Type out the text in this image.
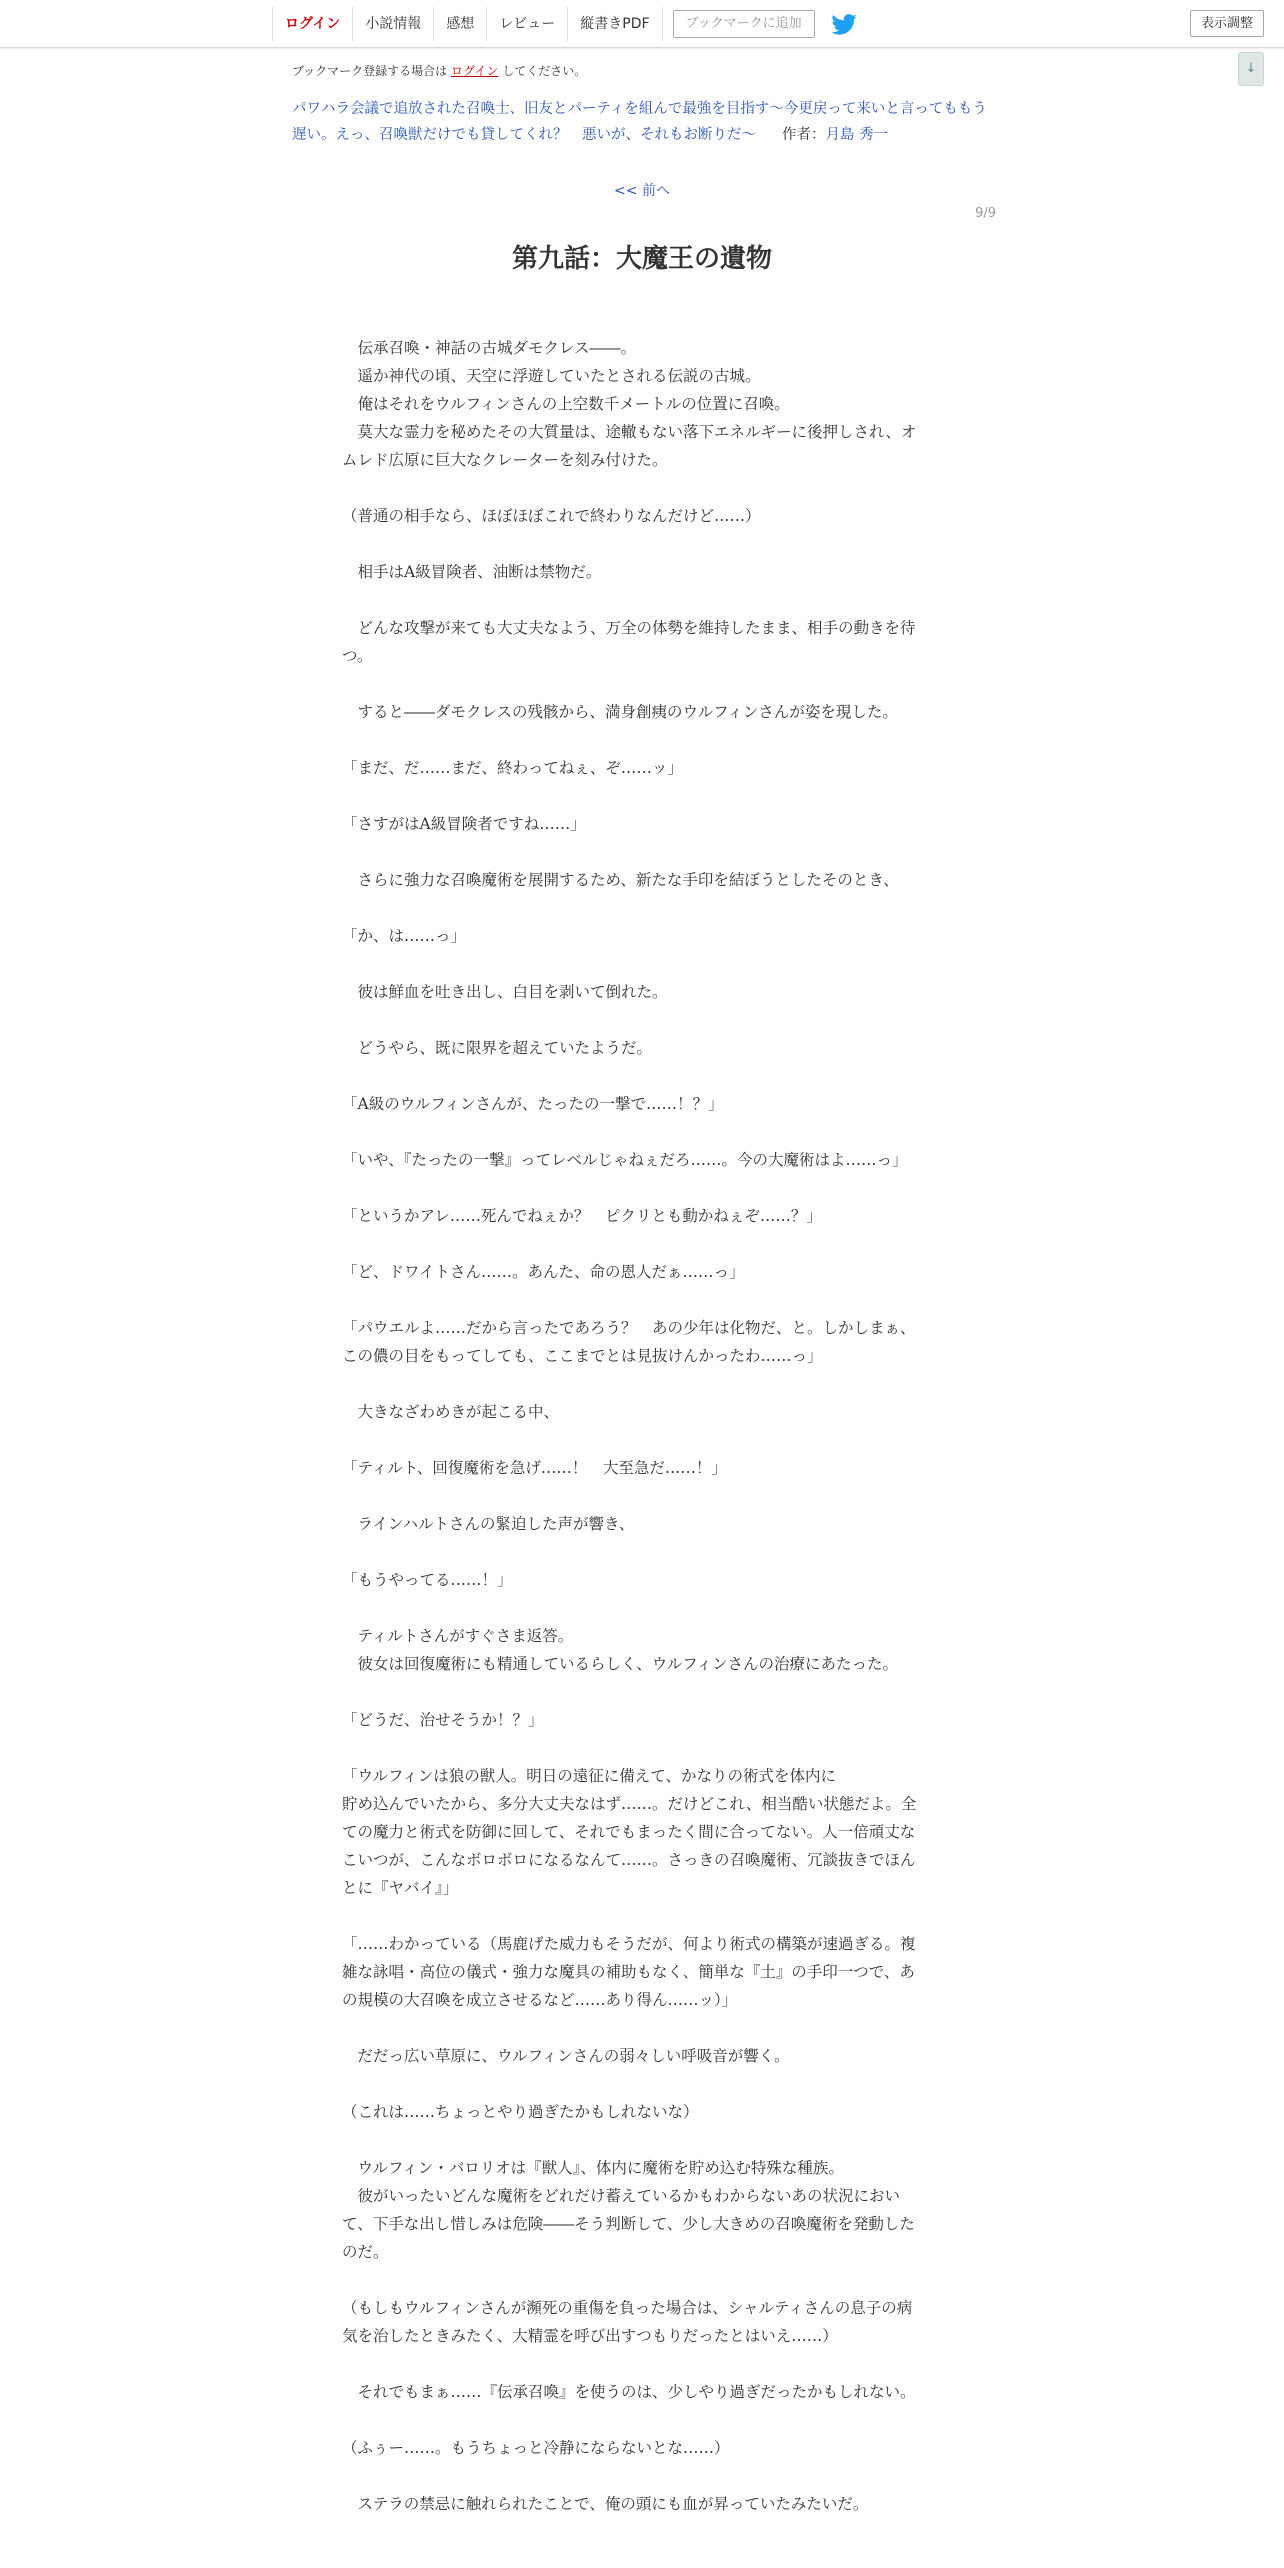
ログイン	小説情報	感想	レビュー	縦書きPDF	ブックマークに追加	表示調整
↓
ブックマーク登録する場合は ログイン してください。
パワハラ会議で追放された召喚士、旧友とパーティを組んで最強を目指す～今更戻って来いと言ってももう遅い。えっ、召喚獣だけでも貸してくれ？　悪いが、それもお断りだ～ 作者：月島 秀一
<< 前へ
9/9
第九話：大魔王の遺物
　伝承召喚・神話の古城ダモクレス――。
　遥か神代の頃、天空に浮遊していたとされる伝説の古城。
　俺はそれをウルフィンさんの上空数千メートルの位置に召喚。
　莫大な霊力を秘めたその大質量は、途轍もない落下エネルギーに後押しされ、オ
ムレド広原に巨大なクレーターを刻み付けた。
（普通の相手なら、ほぼほぼこれで終わりなんだけど……）
　相手はA級冒険者、油断は禁物だ。
　どんな攻撃が来ても大丈夫なよう、万全の体勢を維持したまま、相手の動きを待
つ。
　すると――ダモクレスの残骸から、満身創痍のウルフィンさんが姿を現した。
「まだ、だ……まだ、終わってねぇ、ぞ……ッ」
「さすがはA級冒険者ですね……」
　さらに強力な召喚魔術を展開するため、新たな手印を結ぼうとしたそのとき、
「か、は……っ」
　彼は鮮血を吐き出し、白目を剥いて倒れた。
　どうやら、既に限界を超えていたようだ。
「A級のウルフィンさんが、たったの一撃で……！？」
「いや、『たったの一撃』ってレベルじゃねぇだろ……。今の大魔術はよ……っ」
「というかアレ……死んでねぇか？　ピクリとも動かねぇぞ……？」
「ど、ドワイトさん……。あんた、命の恩人だぁ……っ」
「パウエルよ……だから言ったであろう？　あの少年は化物だ、と。しかしまぁ、
この儂の目をもってしても、ここまでとは見抜けんかったわ……っ」
　大きなざわめきが起こる中、
「ティルト、回復魔術を急げ……！　大至急だ……！」
　ラインハルトさんの緊迫した声が響き、
「もうやってる……！」
　ティルトさんがすぐさま返答。
　彼女は回復魔術にも精通しているらしく、ウルフィンさんの治療にあたった。
「どうだ、治せそうか！？」
「ウルフィンは狼の獣人。明日の遠征に備えて、かなりの術式を体内に
貯め込んでいたから、多分大丈夫なはず……。だけどこれ、相当酷い状態だよ。全
ての魔力と術式を防御に回して、それでもまったく間に合ってない。人一倍頑丈な
こいつが、こんなボロボロになるなんて……。さっきの召喚魔術、冗談抜きでほん
とに『ヤバイ』」
「……わかっている（馬鹿げた威力もそうだが、何より術式の構築が速過ぎる。複
雑な詠唱・高位の儀式・強力な魔具の補助もなく、簡単な『土』の手印一つで、あ
の規模の大召喚を成立させるなど……あり得ん……ッ）」
　だだっ広い草原に、ウルフィンさんの弱々しい呼吸音が響く。
（これは……ちょっとやり過ぎたかもしれないな）
　ウルフィン・バロリオは『獣人』、体内に魔術を貯め込む特殊な種族。
　彼がいったいどんな魔術をどれだけ蓄えているかもわからないあの状況におい
て、下手な出し惜しみは危険――そう判断して、少し大きめの召喚魔術を発動した
のだ。
（もしもウルフィンさんが瀕死の重傷を負った場合は、シャルティさんの息子の病
気を治したときみたく、大精霊を呼び出すつもりだったとはいえ……）
　それでもまぁ……『伝承召喚』を使うのは、少しやり過ぎだったかもしれない。
（ふぅー……。もうちょっと冷静にならないとな……）
　ステラの禁忌に触れられたことで、俺の頭にも血が昇っていたみたいだ。
